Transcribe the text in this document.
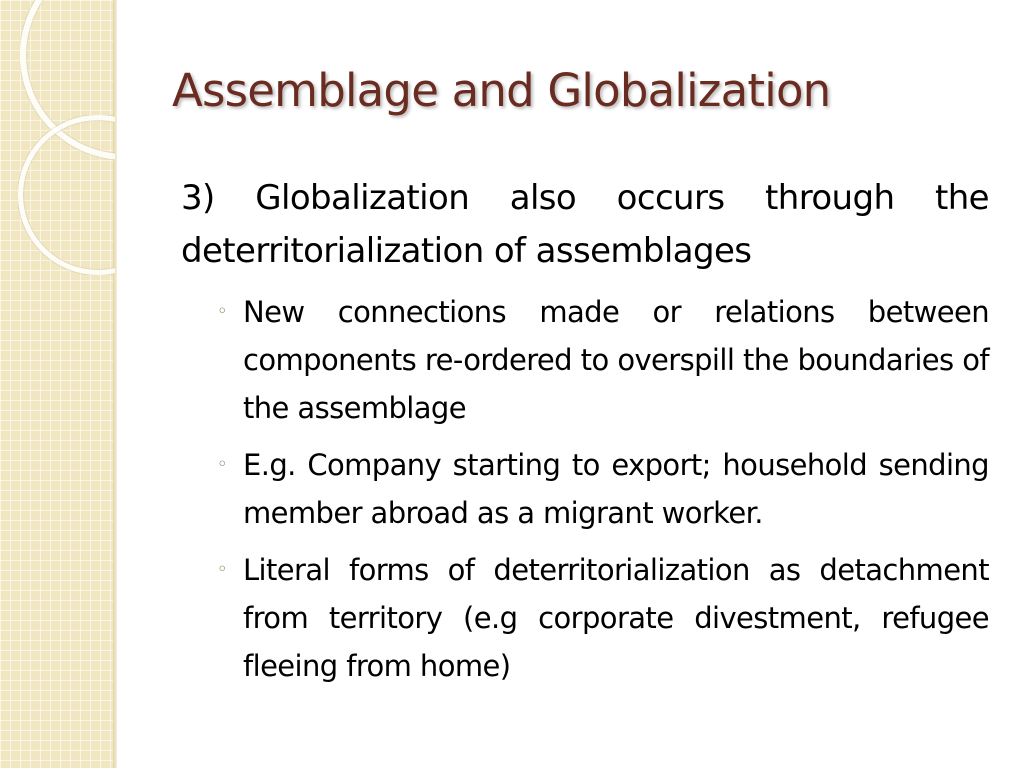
Assemblage and Globalization

3) Globalization also occurs through the deterritorialization of assemblages

◦ New connections made or relations between components re-ordered to overspill the boundaries of the assemblage
◦ E.g. Company starting to export; household sending member abroad as a migrant worker.
◦ Literal forms of deterritorialization as detachment from territory (e.g corporate divestment, refugee fleeing from home)
